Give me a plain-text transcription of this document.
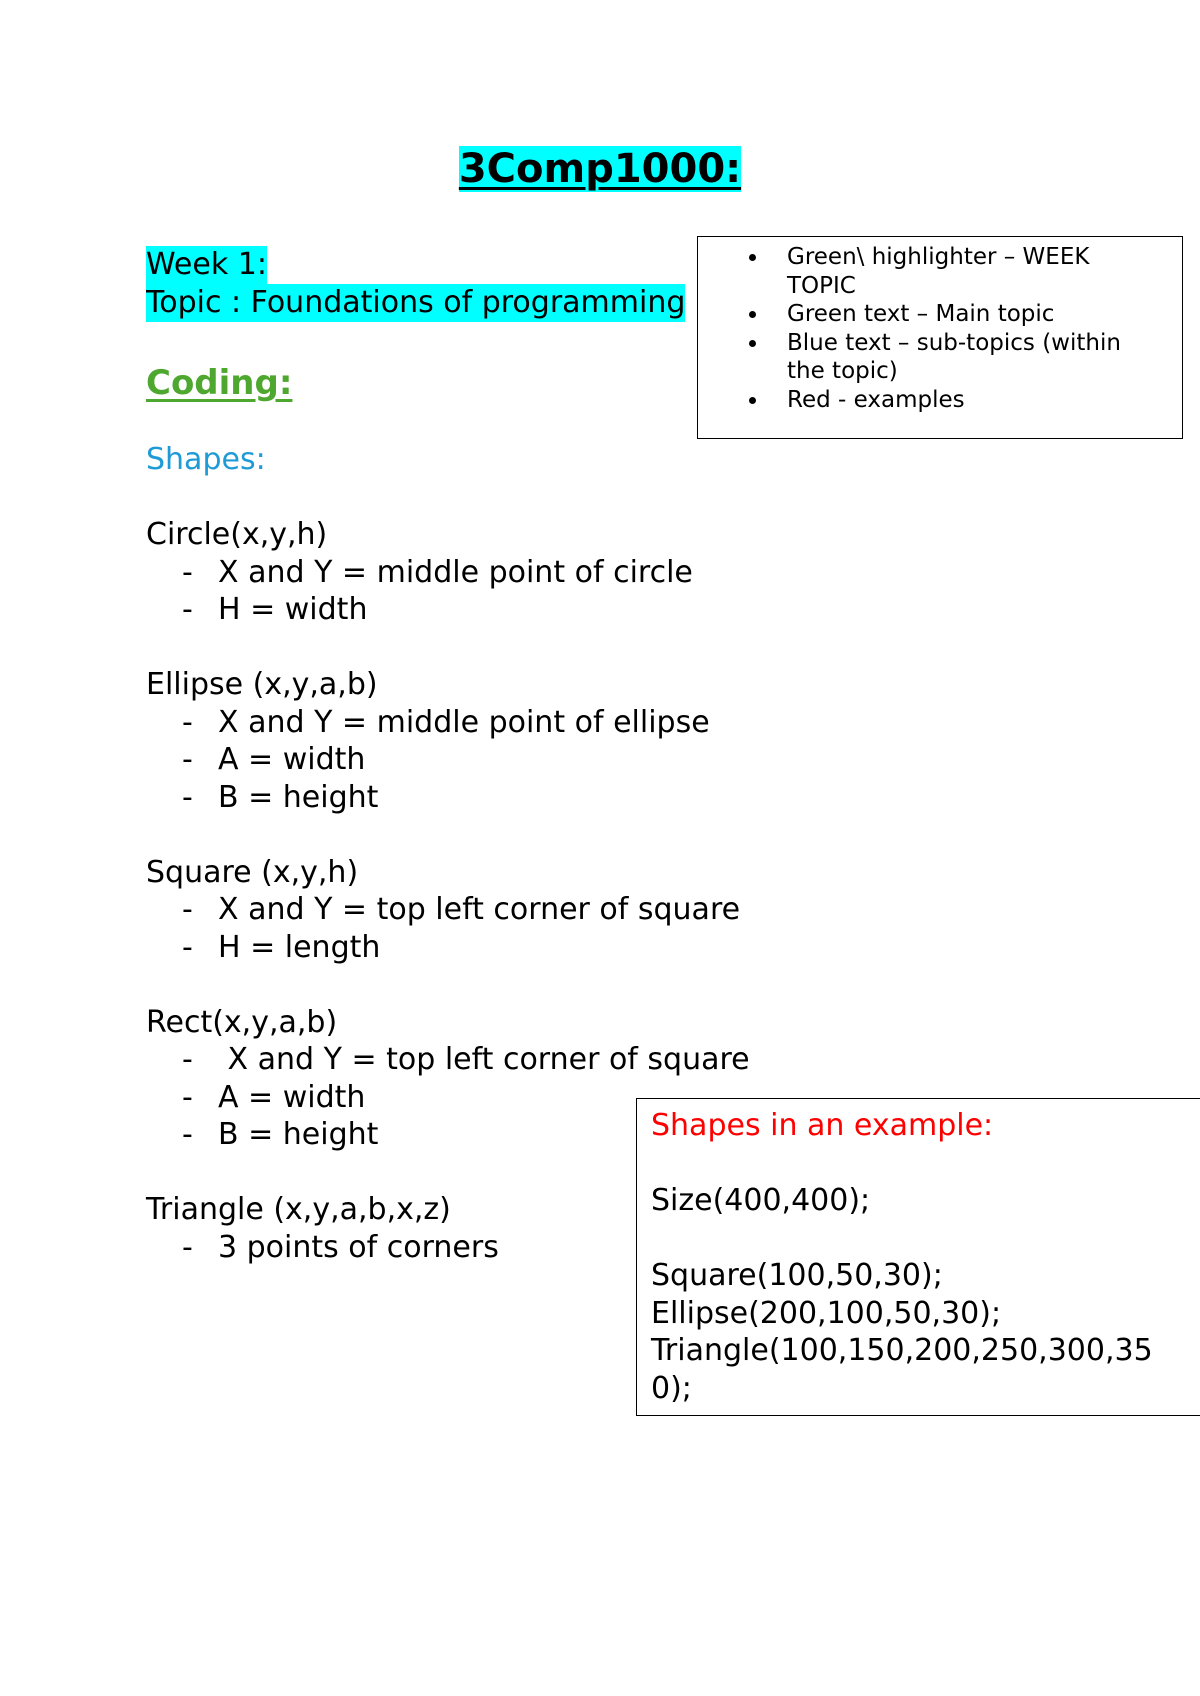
3Comp1000:
Week 1:
Topic : Foundations of programming
Coding:
Shapes:
Circle(x,y,h)
- X and Y = middle point of circle
- H = width
Ellipse (x,y,a,b)
- X and Y = middle point of ellipse
- A = width
- B = height
Square (x,y,h)
- X and Y = top left corner of square
- H = length
Rect(x,y,a,b)
-  X and Y = top left corner of square
- A = width
- B = height
Triangle (x,y,a,b,x,z)
- 3 points of corners
Green\ highlighter – WEEK TOPIC
Green text – Main topic
Blue text – sub-topics (within the topic)
Red - examples
Shapes in an example:
Size(400,400);
Square(100,50,30);
Ellipse(200,100,50,30);
Triangle(100,150,200,250,300,350);
